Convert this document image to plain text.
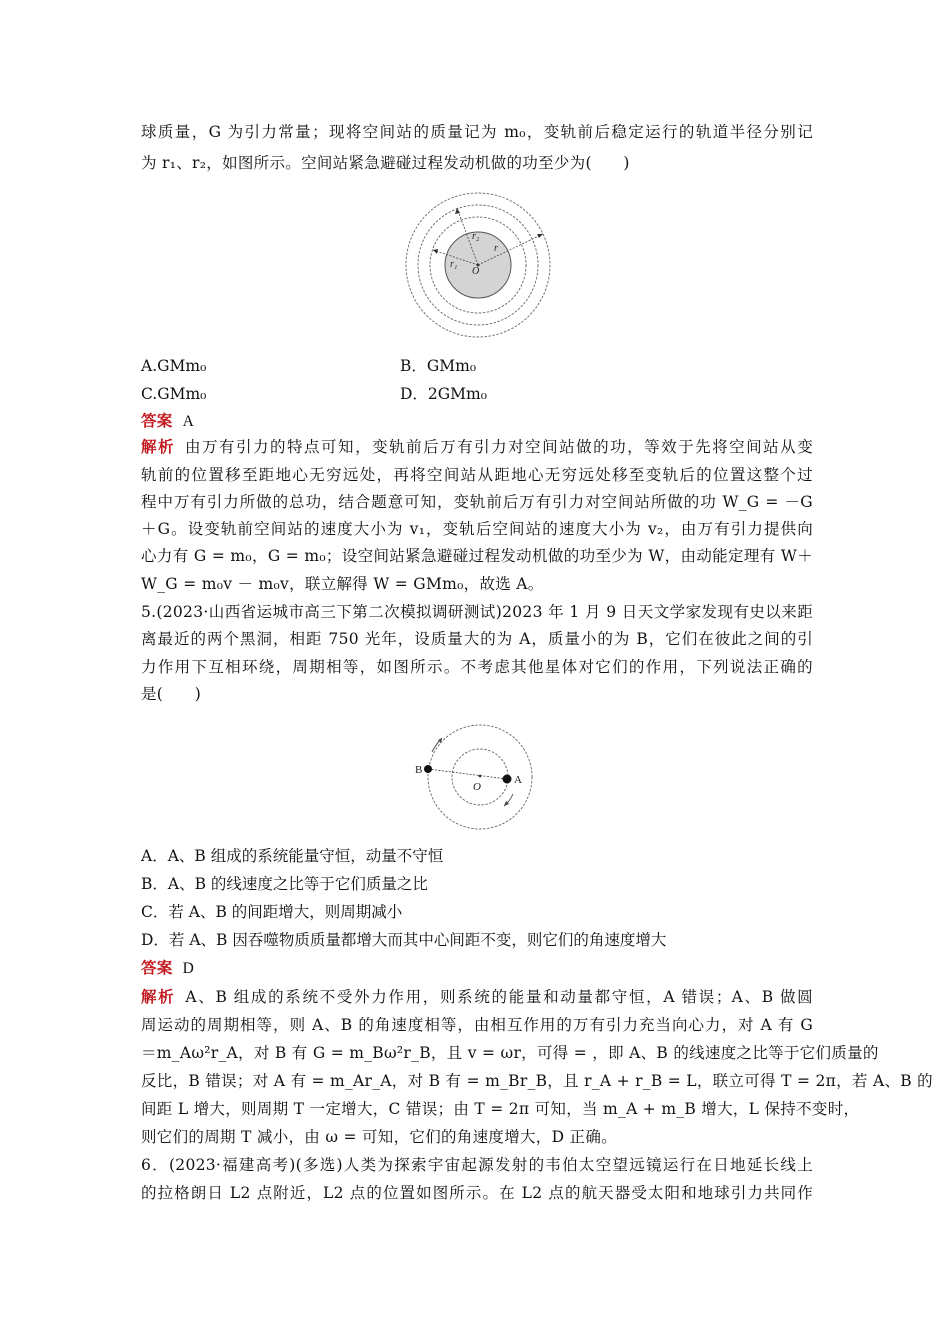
球质量，G 为引力常量；现将空间站的质量记为 m₀，变轨前后稳定运行的轨道半径分别记
为 r₁、r₂，如图所示。空间站紧急避碰过程发动机做的功至少为(　　)
r₂
r
r₁
O
A.GMm₀	B．GMm₀
C.GMm₀	D．2GMm₀
答案 A
解析 由万有引力的特点可知，变轨前后万有引力对空间站做的功，等效于先将空间站从变
轨前的位置移至距地心无穷远处，再将空间站从距地心无穷远处移至变轨后的位置这整个过
程中万有引力所做的总功，结合题意可知，变轨前后万有引力对空间站所做的功 W_G = －G
＋G。设变轨前空间站的速度大小为 v₁，变轨后空间站的速度大小为 v₂，由万有引力提供向
心力有 G = m₀，G = m₀；设空间站紧急避碰过程发动机做的功至少为 W，由动能定理有 W＋
W_G = m₀v － m₀v，联立解得 W = GMm₀，故选 A。
5.(2023·山西省运城市高三下第二次模拟调研测试)2023 年 1 月 9 日天文学家发现有史以来距
离最近的两个黑洞，相距 750 光年，设质量大的为 A，质量小的为 B，它们在彼此之间的引
力作用下互相环绕，周期相等，如图所示。不考虑其他星体对它们的作用，下列说法正确的
是(　　)
B
O
A
A．A、B 组成的系统能量守恒，动量不守恒
B．A、B 的线速度之比等于它们质量之比
C．若 A、B 的间距增大，则周期减小
D．若 A、B 因吞噬物质质量都增大而其中心间距不变，则它们的角速度增大
答案 D
解析 A、B 组成的系统不受外力作用，则系统的能量和动量都守恒，A 错误；A、B 做圆
周运动的周期相等，则 A、B 的角速度相等，由相互作用的万有引力充当向心力，对 A 有 G
＝m_Aω²r_A，对 B 有 G = m_Bω²r_B，且 v = ωr，可得 = ，即 A、B 的线速度之比等于它们质量的
反比，B 错误；对 A 有 = m_Ar_A，对 B 有 = m_Br_B，且 r_A + r_B = L，联立可得 T = 2π，若 A、B 的
间距 L 增大，则周期 T 一定增大，C 错误；由 T = 2π 可知，当 m_A + m_B 增大，L 保持不变时，
则它们的周期 T 减小，由 ω = 可知，它们的角速度增大，D 正确。
6．(2023·福建高考)(多选)人类为探索宇宙起源发射的韦伯太空望远镜运行在日地延长线上
的拉格朗日 L2 点附近，L2 点的位置如图所示。在 L2 点的航天器受太阳和地球引力共同作
